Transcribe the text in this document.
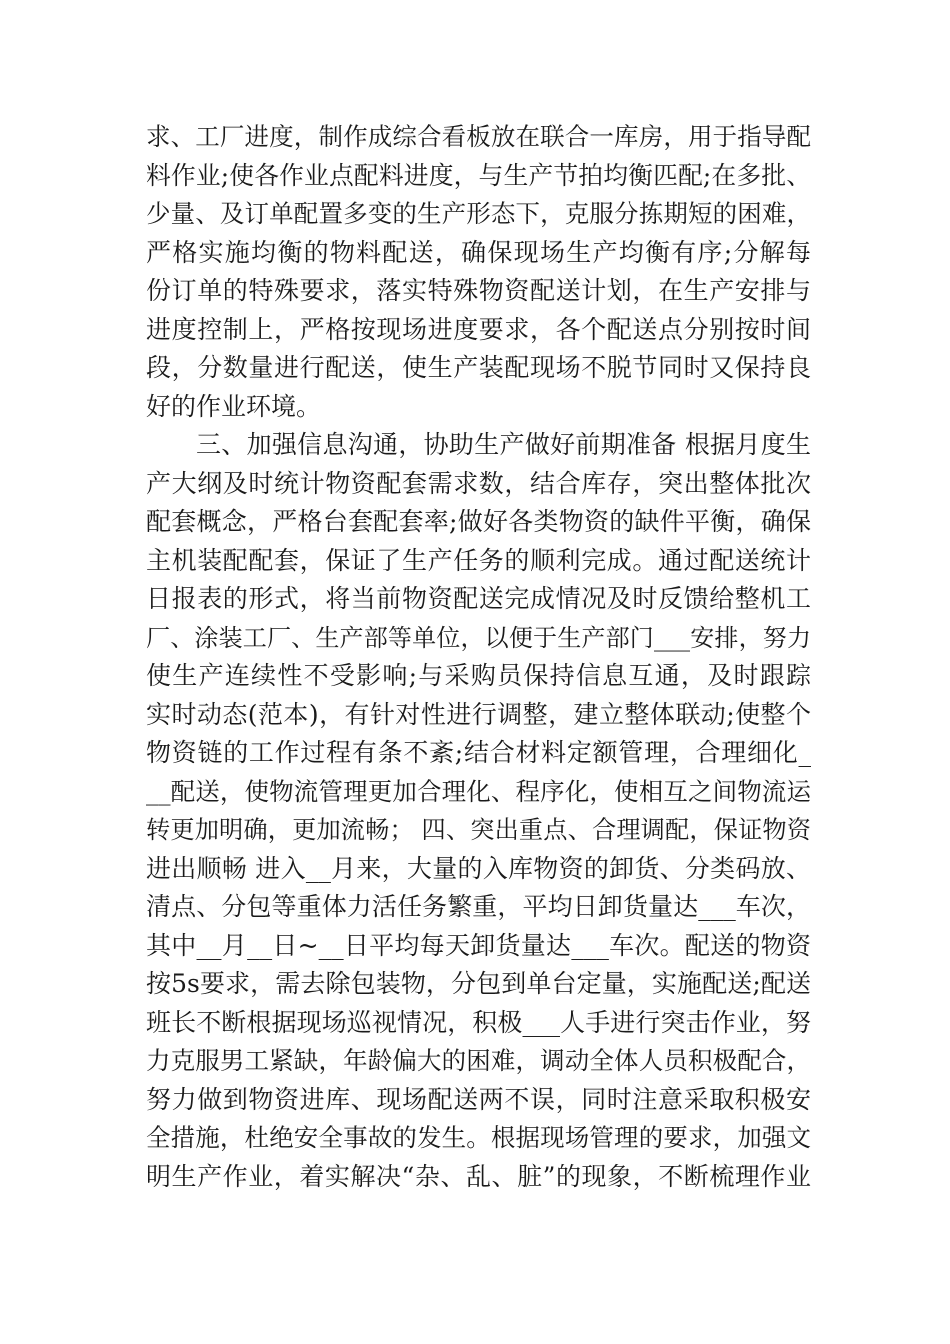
求、工厂进度，制作成综合看板放在联合一库房，用于指导配
料作业;使各作业点配料进度，与生产节拍均衡匹配;在多批、
少量、及订单配置多变的生产形态下，克服分拣期短的困难，
严格实施均衡的物料配送，确保现场生产均衡有序;分解每
份订单的特殊要求，落实特殊物资配送计划，在生产安排与
进度控制上，严格按现场进度要求，各个配送点分别按时间
段，分数量进行配送，使生产装配现场不脱节同时又保持良
好的作业环境。
三、加强信息沟通，协助生产做好前期准备 根据月度生
产大纲及时统计物资配套需求数，结合库存，突出整体批次
配套概念，严格台套配套率;做好各类物资的缺件平衡，确保
主机装配配套，保证了生产任务的顺利完成。通过配送统计
日报表的形式，将当前物资配送完成情况及时反馈给整机工
厂、涂装工厂、生产部等单位，以便于生产部门___安排，努力
使生产连续性不受影响;与采购员保持信息互通，及时跟踪
实时动态(范本)，有针对性进行调整，建立整体联动;使整个
物资链的工作过程有条不紊;结合材料定额管理，合理细化_
__配送，使物流管理更加合理化、程序化，使相互之间物流运
转更加明确，更加流畅； 四、突出重点、合理调配，保证物资
进出顺畅 进入__月来，大量的入库物资的卸货、分类码放、
清点、分包等重体力活任务繁重，平均日卸货量达___车次，
其中__月__日~__日平均每天卸货量达___车次。配送的物资
按5s要求，需去除包装物，分包到单台定量，实施配送;配送
班长不断根据现场巡视情况，积极___人手进行突击作业，努
力克服男工紧缺，年龄偏大的困难，调动全体人员积极配合，
努力做到物资进库、现场配送两不误，同时注意采取积极安
全措施，杜绝安全事故的发生。根据现场管理的要求，加强文
明生产作业，着实解决“杂、乱、脏”的现象，不断梳理作业
